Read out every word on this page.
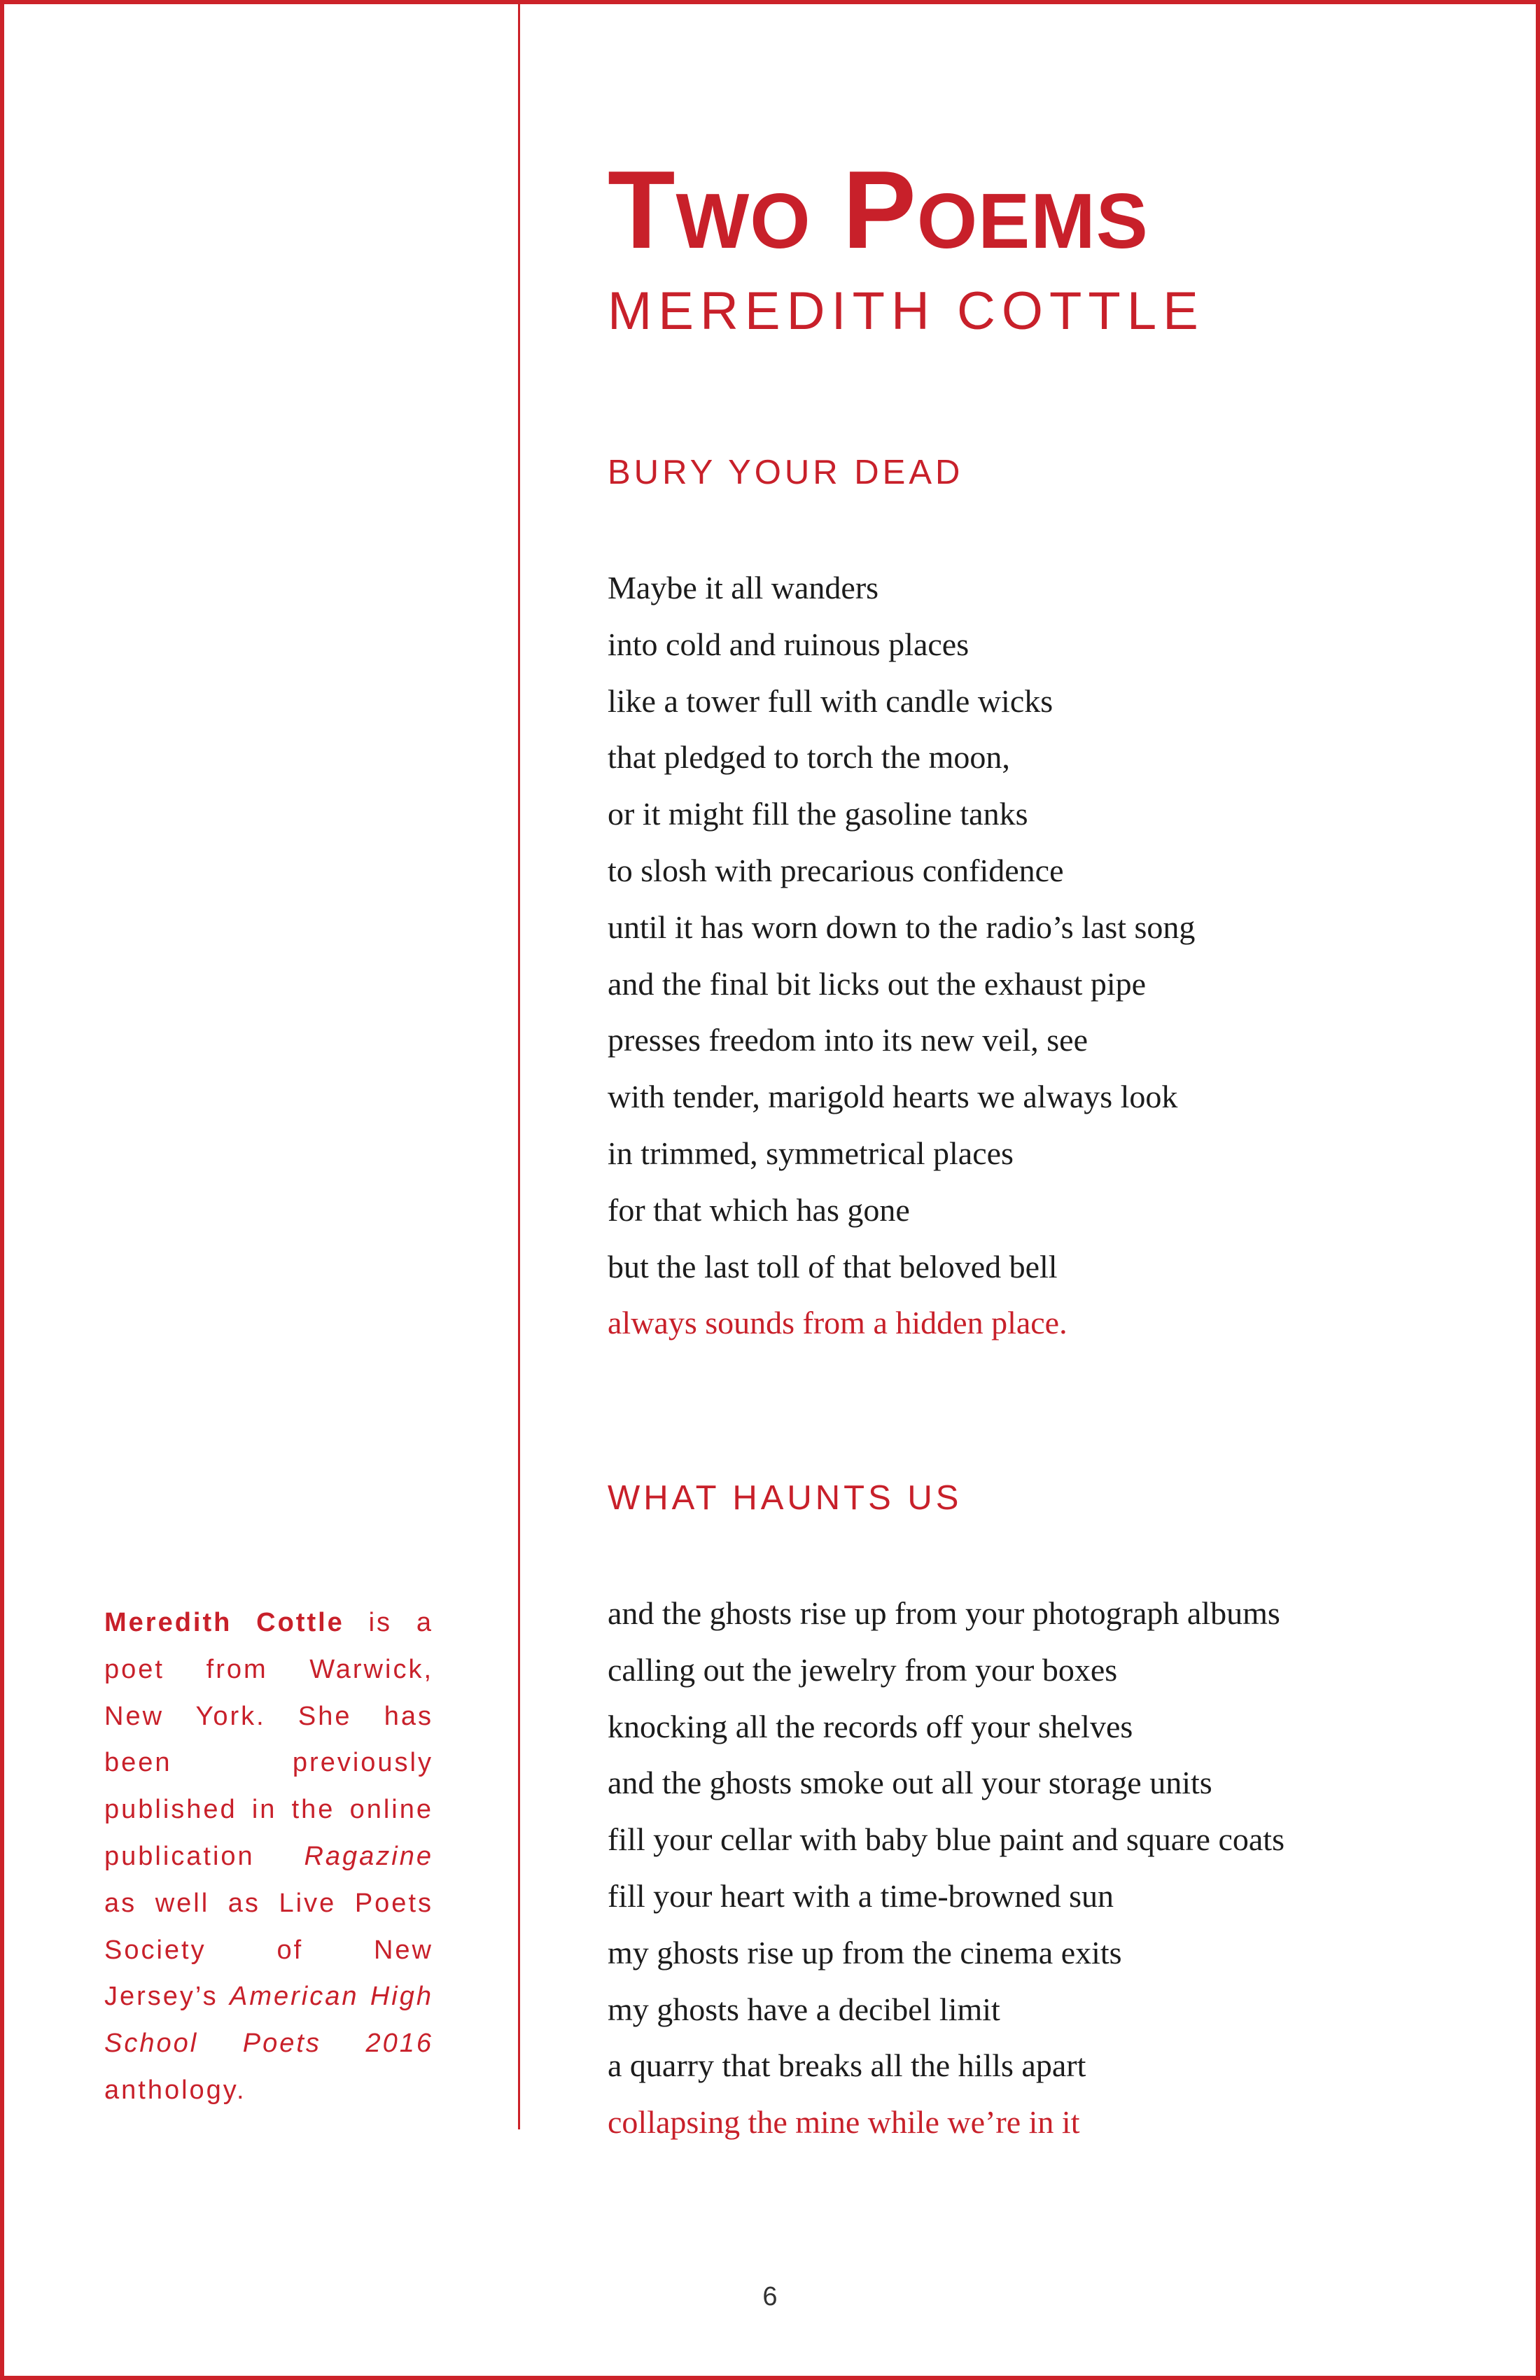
Two Poems
MEREDITH COTTLE
BURY YOUR DEAD
Maybe it all wanders
into cold and ruinous places
like a tower full with candle wicks
that pledged to torch the moon,
or it might fill the gasoline tanks
to slosh with precarious confidence
until it has worn down to the radio’s last song
and the final bit licks out the exhaust pipe
presses freedom into its new veil, see
with tender, marigold hearts we always look
in trimmed, symmetrical places
for that which has gone
but the last toll of that beloved bell
always sounds from a hidden place.
WHAT HAUNTS US
and the ghosts rise up from your photograph albums
calling out the jewelry from your boxes
knocking all the records off your shelves
and the ghosts smoke out all your storage units
fill your cellar with baby blue paint and square coats
fill your heart with a time-browned sun
my ghosts rise up from the cinema exits
my ghosts have a decibel limit
a quarry that breaks all the hills apart
collapsing the mine while we’re in it

Meredith Cottle is a poet from Warwick, New York. She has been previously published in the online publication Ragazine as well as Live Poets Society of New Jersey’s American High School Poets 2016 anthology.

6
